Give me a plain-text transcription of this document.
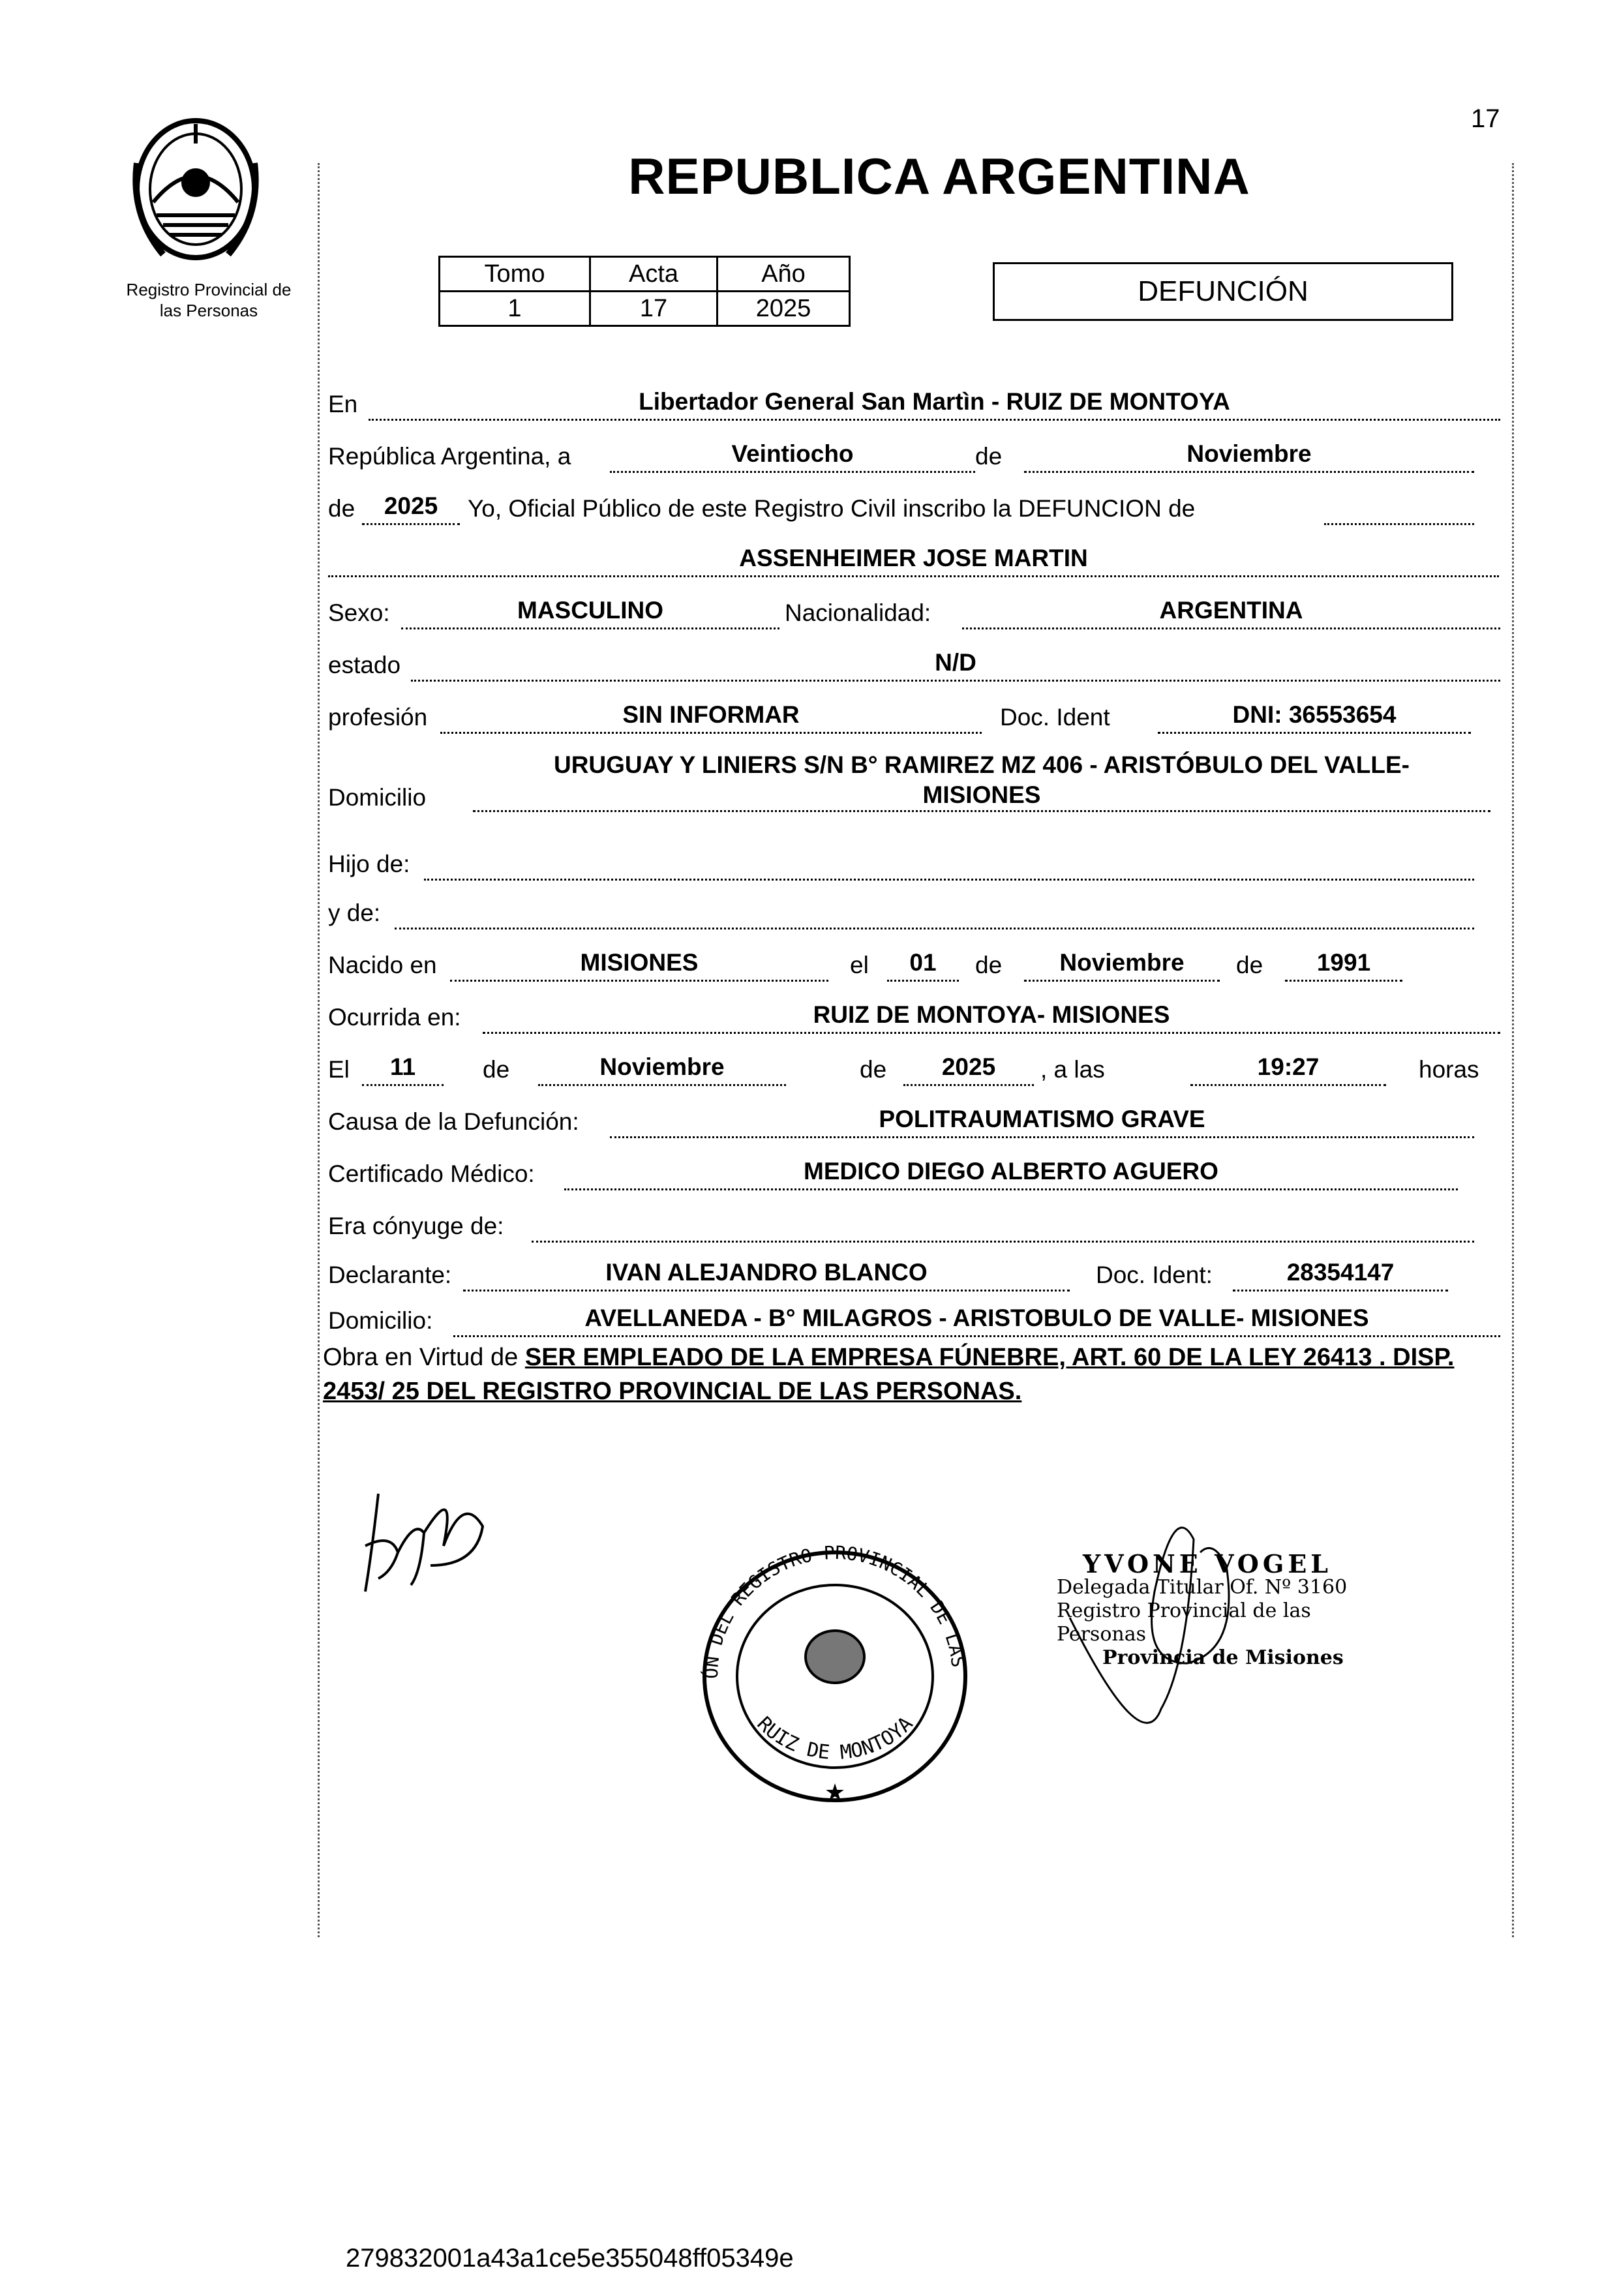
17
Registro Provincial de
las Personas
REPUBLICA ARGENTINA
Tomo	Acta	Año
1	17	2025
DEFUNCIÓN
En	Libertador General San Martìn - RUIZ DE MONTOYA
República Argentina, a	Veintiocho	de	Noviembre
de	2025	Yo, Oficial Público de este Registro Civil inscribo la DEFUNCION de
ASSENHEIMER JOSE MARTIN
Sexo:	MASCULINO	Nacionalidad:	ARGENTINA
estado	N/D
profesión	SIN INFORMAR	Doc. Ident	DNI: 36553654
Domicilio
URUGUAY Y LINIERS S/N B° RAMIREZ MZ 406 - ARISTÓBULO DEL VALLE-
MISIONES
Hijo de:
y de:
Nacido en	MISIONES	el	01	de	Noviembre	de	1991
Ocurrida en:	RUIZ DE MONTOYA- MISIONES
El	11	de	Noviembre	de	2025	, a las	19:27	horas
Causa de la Defunción:	POLITRAUMATISMO GRAVE
Certificado Médico:	MEDICO DIEGO ALBERTO AGUERO
Era cónyuge de:
Declarante:	IVAN ALEJANDRO BLANCO	Doc. Ident:	28354147
Domicilio:	AVELLANEDA - B° MILAGROS - ARISTOBULO DE VALLE- MISIONES
Obra en Virtud de SER EMPLEADO DE LA EMPRESA FÚNEBRE, ART. 60 DE LA LEY 26413 . DISP. 2453/ 25 DEL REGISTRO PROVINCIAL DE LAS PERSONAS.
ÓN DEL REGISTRO PROVINCIAL DE LAS
RUIZ DE MONTOYA
★
YVONE VOGEL
Delegada Titular Of. Nº 3160
Registro Provincial de las Personas
Provincia de Misiones
279832001a43a1ce5e355048ff05349e
